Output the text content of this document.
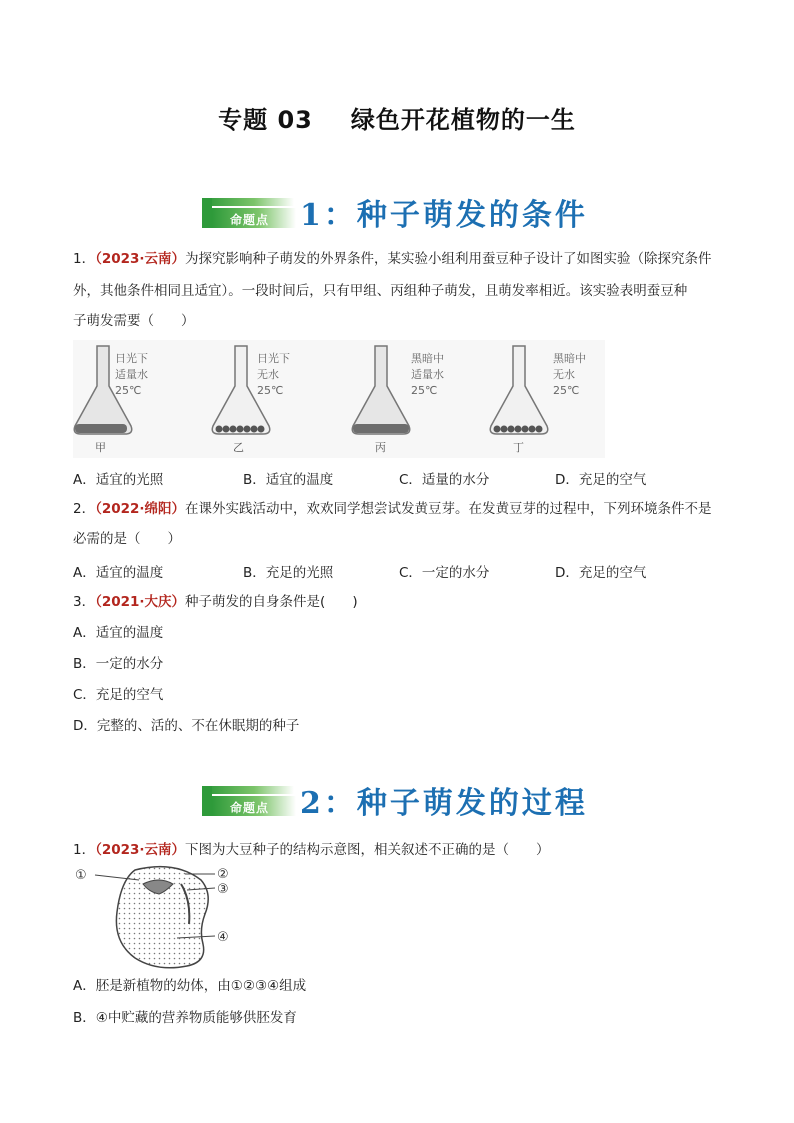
专题 03 绿色开花植物的一生
命题点 1：种子萌发的条件
1．（2023·云南）为探究影响种子萌发的外界条件，某实验小组利用蚕豆种子设计了如图实验（除探究条件
外，其他条件相同且适宜）。一段时间后，只有甲组、丙组种子萌发，且萌发率相近。该实验表明蚕豆种
子萌发需要（　　）
日光下
适量水
25℃
甲
日光下
无水
25℃
乙
黑暗中
适量水
25℃
丙
黑暗中
无水
25℃
丁
A．适宜的光照	B．适宜的温度	C．适量的水分	D．充足的空气
2．（2022·绵阳）在课外实践活动中，欢欢同学想尝试发黄豆芽。在发黄豆芽的过程中，下列环境条件不是
必需的是（　　）
A．适宜的温度	B．充足的光照	C．一定的水分	D．充足的空气
3．（2021·大庆）种子萌发的自身条件是(　　)
A．适宜的温度
B．一定的水分
C．充足的空气
D．完整的、活的、不在休眠期的种子
命题点 2：种子萌发的过程
1．（2023·云南）下图为大豆种子的结构示意图，相关叙述不正确的是（　　）
①	②
③
④
A．胚是新植物的幼体，由①②③④组成
B．④中贮藏的营养物质能够供胚发育
